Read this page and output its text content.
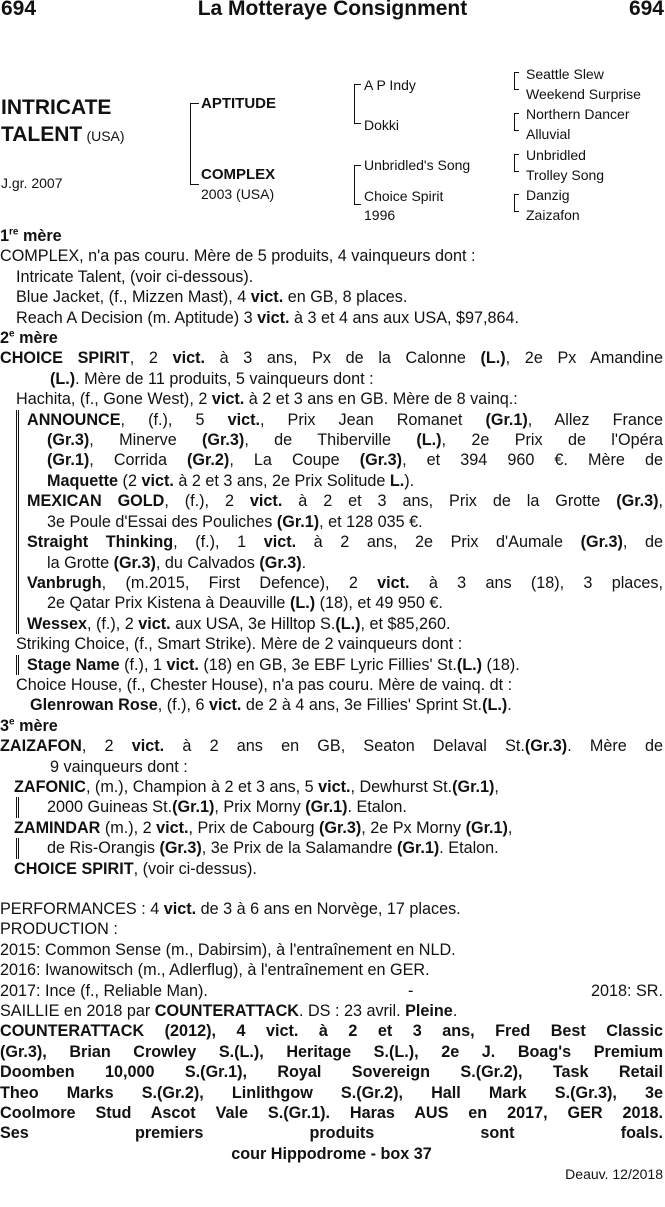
694	La Motteraye Consignment	694
INTRICATE
TALENT (USA)
J.gr. 2007
APTITUDE
COMPLEX
2003 (USA)
A P Indy
Dokki
Unbridled's Song
Choice Spirit
1996
Seattle Slew
Weekend Surprise
Northern Dancer
Alluvial
Unbridled
Trolley Song
Danzig
Zaizafon
1re mère
COMPLEX, n'a pas couru. Mère de 5 produits, 4 vainqueurs dont :
Intricate Talent, (voir ci-dessous).
Blue Jacket, (f., Mizzen Mast), 4 vict. en GB, 8 places.
Reach A Decision (m. Aptitude) 3 vict. à 3 et 4 ans aux USA, $97,864.
2e mère
CHOICE SPIRIT, 2 vict. à 3 ans, Px de la Calonne (L.), 2e Px Amandine
(L.). Mère de 11 produits, 5 vainqueurs dont :
Hachita, (f., Gone West), 2 vict. à 2 et 3 ans en GB. Mère de 8 vainq.:
ANNOUNCE, (f.), 5 vict., Prix Jean Romanet (Gr.1), Allez France
(Gr.3), Minerve (Gr.3), de Thiberville (L.), 2e Prix de l'Opéra
(Gr.1), Corrida (Gr.2), La Coupe (Gr.3), et 394 960 €. Mère de
Maquette (2 vict. à 2 et 3 ans, 2e Prix Solitude L.).
MEXICAN GOLD, (f.), 2 vict. à 2 et 3 ans, Prix de la Grotte (Gr.3),
3e Poule d'Essai des Pouliches (Gr.1), et 128 035 €.
Straight Thinking, (f.), 1 vict. à 2 ans, 2e Prix d'Aumale (Gr.3), de
la Grotte (Gr.3), du Calvados (Gr.3).
Vanbrugh, (m.2015, First Defence), 2 vict. à 3 ans (18), 3 places,
2e Qatar Prix Kistena à Deauville (L.) (18), et 49 950 €.
Wessex, (f.), 2 vict. aux USA, 3e Hilltop S.(L.), et $85,260.
Striking Choice, (f., Smart Strike). Mère de 2 vainqueurs dont :
Stage Name (f.), 1 vict. (18) en GB, 3e EBF Lyric Fillies' St.(L.) (18).
Choice House, (f., Chester House), n'a pas couru. Mère de vainq. dt :
Glenrowan Rose, (f.), 6 vict. de 2 à 4 ans, 3e Fillies' Sprint St.(L.).
3e mère
ZAIZAFON, 2 vict. à 2 ans en GB, Seaton Delaval St.(Gr.3). Mère de
9 vainqueurs dont :
ZAFONIC, (m.), Champion à 2 et 3 ans, 5 vict., Dewhurst St.(Gr.1),
2000 Guineas St.(Gr.1), Prix Morny (Gr.1). Etalon.
ZAMINDAR (m.), 2 vict., Prix de Cabourg (Gr.3), 2e Px Morny (Gr.1),
de Ris-Orangis (Gr.3), 3e Prix de la Salamandre (Gr.1). Etalon.
CHOICE SPIRIT, (voir ci-dessus).
PERFORMANCES : 4 vict. de 3 à 6 ans en Norvège, 17 places.
PRODUCTION :
2015: Common Sense (m., Dabirsim), à l'entraînement en NLD.
2016: Iwanowitsch (m., Adlerflug), à l'entraînement en GER.
2017: Ince (f., Reliable Man).	-	2018: SR.
SAILLIE en 2018 par COUNTERATTACK. DS : 23 avril. Pleine.
COUNTERATTACK (2012), 4 vict. à 2 et 3 ans, Fred Best Classic
(Gr.3), Brian Crowley S.(L.), Heritage S.(L.), 2e J. Boag's Premium
Doomben 10,000 S.(Gr.1), Royal Sovereign S.(Gr.2), Task Retail
Theo Marks S.(Gr.2), Linlithgow S.(Gr.2), Hall Mark S.(Gr.3), 3e
Coolmore Stud Ascot Vale S.(Gr.1). Haras AUS en 2017, GER 2018.
Ses premiers produits sont foals.
cour Hippodrome - box 37
Deauv. 12/2018
